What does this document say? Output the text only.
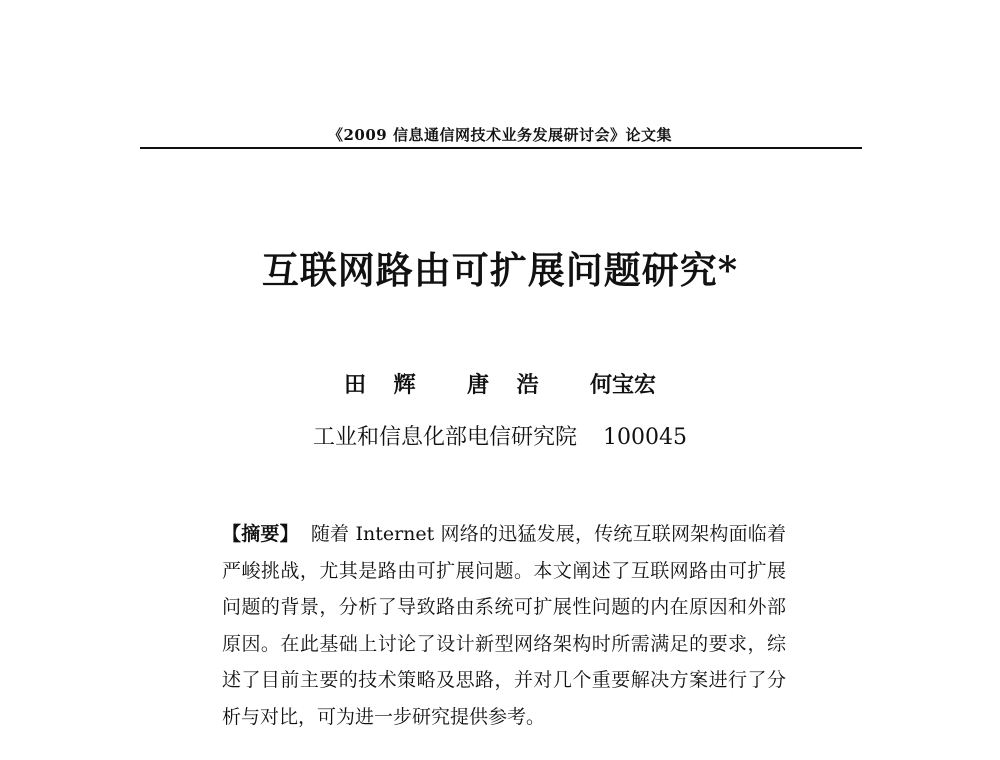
《2009 信息通信网技术业务发展研讨会》论文集
互联网路由可扩展问题研究*
田 辉 唐 浩 何宝宏
工业和信息化部电信研究院 100045
【摘要】 随着 Internet 网络的迅猛发展，传统互联网架构面临着严峻挑战，尤其是路由可扩展问题。本文阐述了互联网路由可扩展问题的背景，分析了导致路由系统可扩展性问题的内在原因和外部原因。在此基础上讨论了设计新型网络架构时所需满足的要求，综述了目前主要的技术策略及思路，并对几个重要解决方案进行了分析与对比，可为进一步研究提供参考。
